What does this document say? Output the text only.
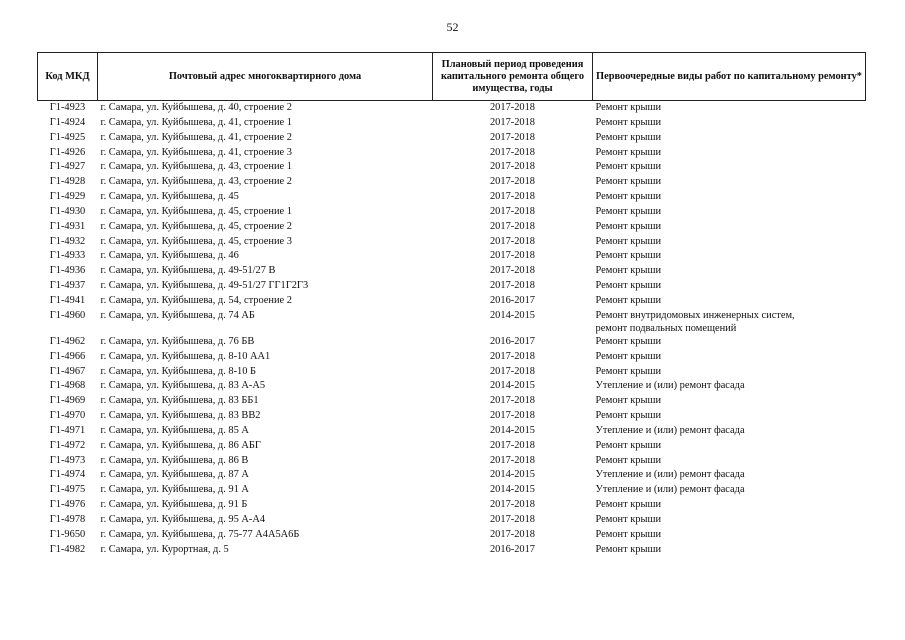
52
Код МКД	Почтовый адрес многоквартирного дома	Плановый период проведения капитального ремонта общего имущества, годы	Первоочередные виды работ по капитальному ремонту*
Г1-4923	г. Самара, ул. Куйбышева, д. 40, строение 2	2017-2018	Ремонт крыши

Г1-4924	г. Самара, ул. Куйбышева, д. 41, строение 1	2017-2018	Ремонт крыши

Г1-4925	г. Самара, ул. Куйбышева, д. 41, строение 2	2017-2018	Ремонт крыши

Г1-4926	г. Самара, ул. Куйбышева, д. 41, строение 3	2017-2018	Ремонт крыши

Г1-4927	г. Самара, ул. Куйбышева, д. 43, строение 1	2017-2018	Ремонт крыши

Г1-4928	г. Самара, ул. Куйбышева, д. 43, строение 2	2017-2018	Ремонт крыши

Г1-4929	г. Самара, ул. Куйбышева, д. 45	2017-2018	Ремонт крыши

Г1-4930	г. Самара, ул. Куйбышева, д. 45, строение 1	2017-2018	Ремонт крыши

Г1-4931	г. Самара, ул. Куйбышева, д. 45, строение 2	2017-2018	Ремонт крыши

Г1-4932	г. Самара, ул. Куйбышева, д. 45, строение 3	2017-2018	Ремонт крыши

Г1-4933	г. Самара, ул. Куйбышева, д. 46	2017-2018	Ремонт крыши

Г1-4936	г. Самара, ул. Куйбышева, д. 49-51/27 В	2017-2018	Ремонт крыши

Г1-4937	г. Самара, ул. Куйбышева, д. 49-51/27 ГГ1Г2Г3	2017-2018	Ремонт крыши

Г1-4941	г. Самара, ул. Куйбышева, д. 54, строение 2	2016-2017	Ремонт крыши

Г1-4960	г. Самара, ул. Куйбышева, д. 74 АБ	2014-2015	Ремонт внутридомовых инженерных систем,
ремонт подвальных помещений

Г1-4962	г. Самара, ул. Куйбышева, д. 76 БВ	2016-2017	Ремонт крыши

Г1-4966	г. Самара, ул. Куйбышева, д. 8-10 АА1	2017-2018	Ремонт крыши

Г1-4967	г. Самара, ул. Куйбышева, д. 8-10 Б	2017-2018	Ремонт крыши

Г1-4968	г. Самара, ул. Куйбышева, д. 83 А-А5	2014-2015	Утепление и (или) ремонт фасада

Г1-4969	г. Самара, ул. Куйбышева, д. 83 ББ1	2017-2018	Ремонт крыши

Г1-4970	г. Самара, ул. Куйбышева, д. 83 ВВ2	2017-2018	Ремонт крыши

Г1-4971	г. Самара, ул. Куйбышева, д. 85 А	2014-2015	Утепление и (или) ремонт фасада

Г1-4972	г. Самара, ул. Куйбышева, д. 86 АБГ	2017-2018	Ремонт крыши

Г1-4973	г. Самара, ул. Куйбышева, д. 86 В	2017-2018	Ремонт крыши

Г1-4974	г. Самара, ул. Куйбышева, д. 87 А	2014-2015	Утепление и (или) ремонт фасада

Г1-4975	г. Самара, ул. Куйбышева, д. 91 А	2014-2015	Утепление и (или) ремонт фасада

Г1-4976	г. Самара, ул. Куйбышева, д. 91 Б	2017-2018	Ремонт крыши

Г1-4978	г. Самара, ул. Куйбышева, д. 95 А-А4	2017-2018	Ремонт крыши

Г1-9650	г. Самара, ул. Куйбышева, д. 75-77 А4А5А6Б	2017-2018	Ремонт крыши

Г1-4982	г. Самара, ул. Курортная, д. 5	2016-2017	Ремонт крыши
